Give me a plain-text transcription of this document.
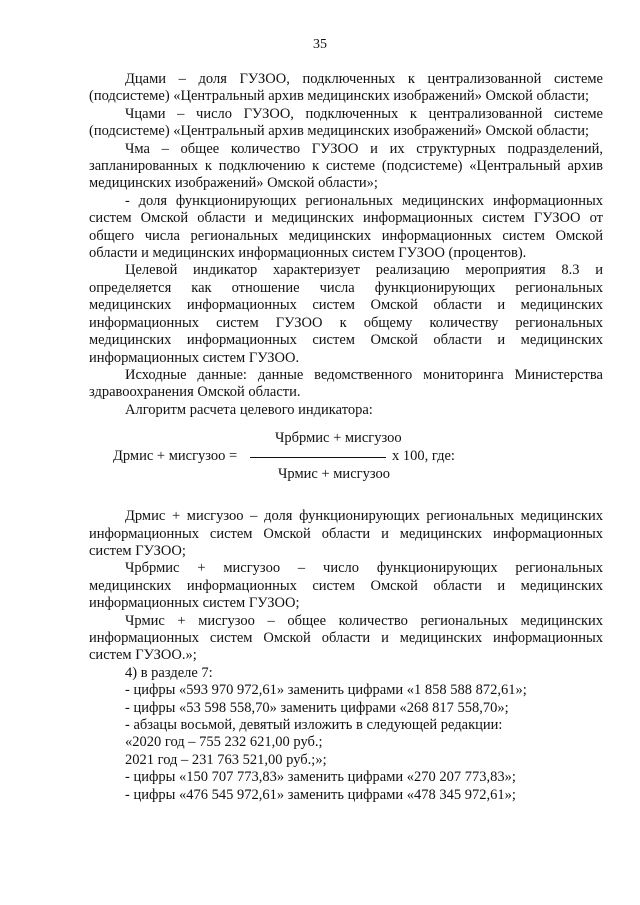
35

Дцами – доля ГУЗОО, подключенных к централизованной системе (подсистеме) «Центральный архив медицинских изображений» Омской области;

Чцами – число ГУЗОО, подключенных к централизованной системе (подсистеме) «Центральный архив медицинских изображений» Омской области;

Чма – общее количество ГУЗОО и их структурных подразделений, запланированных к подключению к системе (подсистеме) «Центральный архив медицинских изображений» Омской области»;

- доля функционирующих региональных медицинских информационных систем Омской области и медицинских информационных систем ГУЗОО от общего числа региональных медицинских информационных систем Омской области и медицинских информационных систем ГУЗОО (процентов).

Целевой индикатор характеризует реализацию мероприятия 8.3 и определяется как отношение числа функционирующих региональных медицинских информационных систем Омской области и медицинских информационных систем ГУЗОО к общему количеству региональных медицинских информационных систем Омской области и медицинских информационных систем ГУЗОО.

Исходные данные: данные ведомственного мониторинга Министерства здравоохранения Омской области.

Алгоритм расчета целевого индикатора:

Чрбрмис + мисгузоо
Дрмис + мисгузоо =	x 100, где:
Чрмис + мисгузоо

Дрмис + мисгузоо – доля функционирующих региональных медицинских информационных систем Омской области и медицинских информационных систем ГУЗОО;

Чрбрмис + мисгузоо – число функционирующих региональных медицинских информационных систем Омской области и медицинских информационных систем ГУЗОО;

Чрмис + мисгузоо – общее количество региональных медицинских информационных систем Омской области и медицинских информационных систем ГУЗОО.»;

4) в разделе 7:

- цифры «593 970 972,61» заменить цифрами «1 858 588 872,61»;

- цифры «53 598 558,70» заменить цифрами «268 817 558,70»;

- абзацы восьмой, девятый изложить в следующей редакции:

«2020 год – 755 232 621,00 руб.;

2021 год – 231 763 521,00 руб.;»;

- цифры «150 707 773,83» заменить цифрами «270 207 773,83»;

- цифры «476 545 972,61» заменить цифрами «478 345 972,61»;
